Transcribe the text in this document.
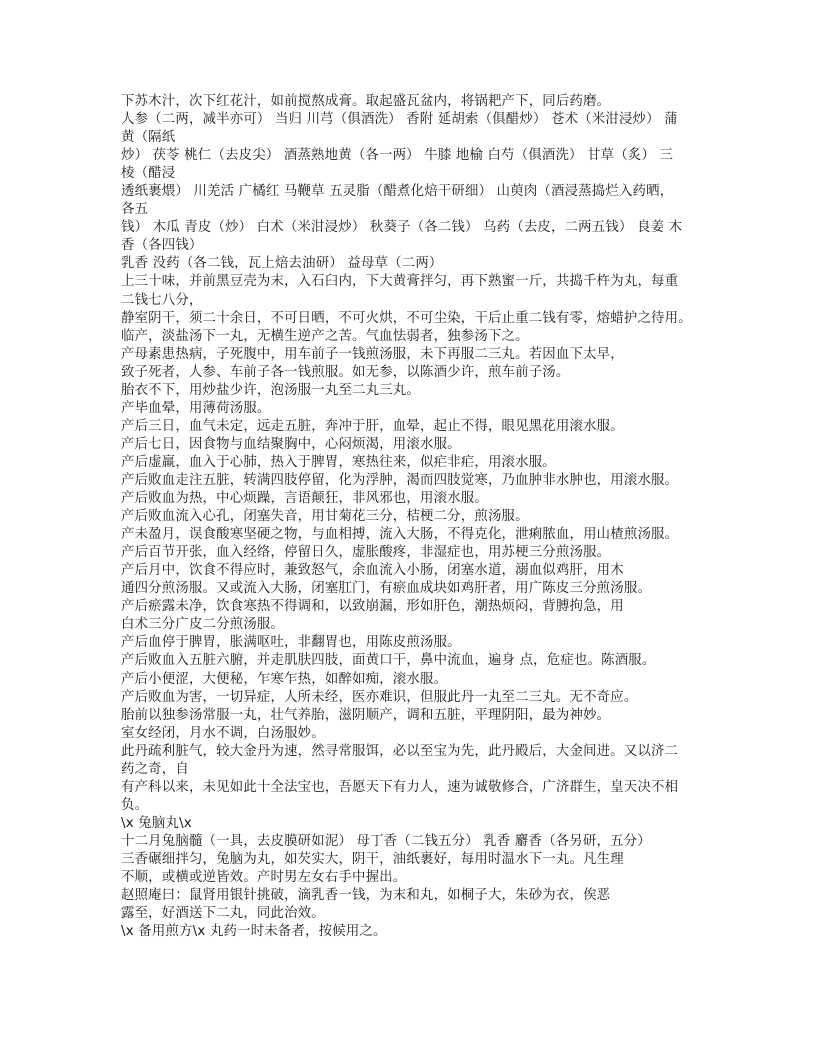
下苏木汁，次下红花汁，如前搅熬成膏。取起盛瓦盆内，将锅耙产下，同后药磨。
人参（二两，减半亦可） 当归 川芎（俱酒洗） 香附 延胡索（俱醋炒） 苍术（米泔浸炒） 蒲
黄（隔纸
炒） 茯苓 桃仁（去皮尖） 酒蒸熟地黄（各一两） 牛膝 地榆 白芍（俱酒洗） 甘草（炙） 三
棱（醋浸
透纸裹煨） 川羌活 广橘红 马鞭草 五灵脂（醋煮化焙干研细） 山萸肉（酒浸蒸捣烂入药晒，
各五
钱） 木瓜 青皮（炒） 白术（米泔浸炒） 秋葵子（各二钱） 乌药（去皮，二两五钱） 良姜 木
香（各四钱）
乳香 没药（各二钱，瓦上焙去油研） 益母草（二两）
上三十味，并前黑豆壳为末，入石臼内，下大黄膏拌匀，再下熟蜜一斤，共捣千杵为丸，每重
二钱七八分，
静室阴干，须二十余日，不可日晒，不可火烘，不可尘染，干后止重二钱有零，熔蜡护之待用。
临产，淡盐汤下一丸，无横生逆产之苦。气血怯弱者，独参汤下之。
产母素患热病，子死腹中，用车前子一钱煎汤服，未下再服二三丸。若因血下太早，
致子死者，人参、车前子各一钱煎服。如无参，以陈酒少许，煎车前子汤。
胎衣不下，用炒盐少许，泡汤服一丸至二丸三丸。
产毕血晕，用薄荷汤服。
产后三日，血气未定，远走五脏，奔冲于肝，血晕，起止不得，眼见黑花用滚水服。
产后七日，因食物与血结聚胸中，心闷烦渴，用滚水服。
产后虚羸，血入于心肺，热入于脾胃，寒热往来，似疟非疟，用滚水服。
产后败血走注五脏，转满四肢停留，化为浮肿，渴而四肢觉寒，乃血肿非水肿也，用滚水服。
产后败血为热，中心烦躁，言语颠狂，非风邪也，用滚水服。
产后败血流入心孔，闭塞失音，用甘菊花三分，桔梗二分，煎汤服。
产未盈月，误食酸寒坚硬之物，与血相搏，流入大肠，不得克化，泄痢脓血，用山楂煎汤服。
产后百节开张，血入经络，停留日久，虚胀酸疼，非湿症也，用苏梗三分煎汤服。
产后月中，饮食不得应时，兼致怒气，余血流入小肠，闭塞水道，溺血似鸡肝，用木
通四分煎汤服。又或流入大肠，闭塞肛门，有瘀血成块如鸡肝者，用广陈皮三分煎汤服。
产后瘀露未净，饮食寒热不得调和，以致崩漏，形如肝色，潮热烦闷，背膊拘急，用
白术三分广皮二分煎汤服。
产后血停于脾胃，胀满呕吐，非翻胃也，用陈皮煎汤服。
产后败血入五脏六腑，并走肌肤四肢，面黄口干，鼻中流血，遍身 点，危症也。陈酒服。
产后小便涩，大便秘，乍寒乍热，如醉如痴，滚水服。
产后败血为害，一切异症，人所未经，医亦难识，但服此丹一丸至二三丸。无不奇应。
胎前以独参汤常服一丸，壮气养胎，滋阴顺产，调和五脏，平理阴阳，最为神妙。
室女经闭，月水不调，白汤服妙。
此丹疏利脏气，较大金丹为速，然寻常服饵，必以至宝为先，此丹殿后，大金间进。又以济二
药之奇，自
有产科以来，未见如此十全法宝也，吾愿天下有力人，速为诚敬修合，广济群生，皇天决不相
负。
\x 兔脑丸\x
十二月兔脑髓（一具，去皮膜研如泥） 母丁香（二钱五分） 乳香 麝香（各另研，五分）
三香碾细拌匀，兔脑为丸，如芡实大，阴干，油纸裹好，每用时温水下一丸。凡生理
不顺，或横或逆皆效。产时男左女右手中握出。
赵照庵曰：鼠肾用银针挑破，滴乳香一钱，为末和丸，如桐子大，朱砂为衣，俟恶
露至，好酒送下二丸，同此治效。
\x 备用煎方\x 丸药一时未备者，按候用之。
